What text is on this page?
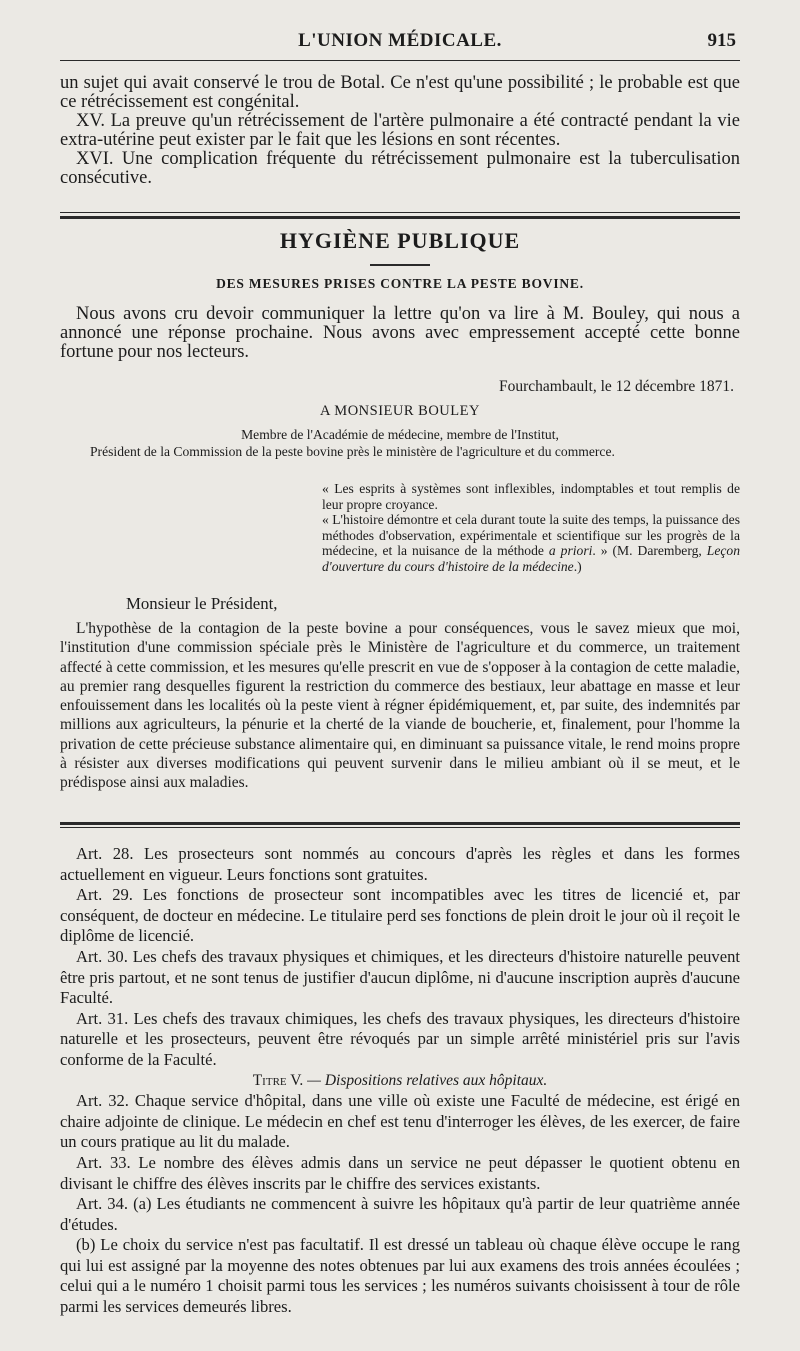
L'UNION MÉDICALE.	915

un sujet qui avait conservé le trou de Botal. Ce n'est qu'une possibilité ; le probable est que ce rétrécissement est congénital.

XV. La preuve qu'un rétrécissement de l'artère pulmonaire a été contracté pendant la vie extra-utérine peut exister par le fait que les lésions en sont récentes.

XVI. Une complication fréquente du rétrécissement pulmonaire est la tuberculisation consécutive.

HYGIÈNE PUBLIQUE
DES MESURES PRISES CONTRE LA PESTE BOVINE.
Nous avons cru devoir communiquer la lettre qu'on va lire à M. Bouley, qui nous a annoncé une réponse prochaine. Nous avons avec empressement accepté cette bonne fortune pour nos lecteurs.
Fourchambault, le 12 décembre 1871.
A MONSIEUR BOULEY
Membre de l'Académie de médecine, membre de l'Institut,
Président de la Commission de la peste bovine près le ministère de l'agriculture et du commerce.

« Les esprits à systèmes sont inflexibles, indomptables et tout remplis de leur propre croyance.

« L'histoire démontre et cela durant toute la suite des temps, la puissance des méthodes d'observation, expérimentale et scientifique sur les progrès de la médecine, et la nuisance de la méthode a priori. » (M. Daremberg, Leçon d'ouverture du cours d'histoire de la médecine.)

Monsieur le Président,
L'hypothèse de la contagion de la peste bovine a pour conséquences, vous le savez mieux que moi, l'institution d'une commission spéciale près le Ministère de l'agriculture et du commerce, un traitement affecté à cette commission, et les mesures qu'elle prescrit en vue de s'opposer à la contagion de cette maladie, au premier rang desquelles figurent la restriction du commerce des bestiaux, leur abattage en masse et leur enfouissement dans les localités où la peste vient à régner épidémiquement, et, par suite, des indemnités par millions aux agriculteurs, la pénurie et la cherté de la viande de boucherie, et, finalement, pour l'homme la privation de cette précieuse substance alimentaire qui, en diminuant sa puissance vitale, le rend moins propre à résister aux diverses modifications qui peuvent survenir dans le milieu ambiant où il se meut, et le prédispose ainsi aux maladies.

Art. 28. Les prosecteurs sont nommés au concours d'après les règles et dans les formes actuellement en vigueur. Leurs fonctions sont gratuites.

Art. 29. Les fonctions de prosecteur sont incompatibles avec les titres de licencié et, par conséquent, de docteur en médecine. Le titulaire perd ses fonctions de plein droit le jour où il reçoit le diplôme de licencié.

Art. 30. Les chefs des travaux physiques et chimiques, et les directeurs d'histoire naturelle peuvent être pris partout, et ne sont tenus de justifier d'aucun diplôme, ni d'aucune inscription auprès d'aucune Faculté.

Art. 31. Les chefs des travaux chimiques, les chefs des travaux physiques, les directeurs d'histoire naturelle et les prosecteurs, peuvent être révoqués par un simple arrêté ministériel pris sur l'avis conforme de la Faculté.

Titre V. — Dispositions relatives aux hôpitaux.

Art. 32. Chaque service d'hôpital, dans une ville où existe une Faculté de médecine, est érigé en chaire adjointe de clinique. Le médecin en chef est tenu d'interroger les élèves, de les exercer, de faire un cours pratique au lit du malade.

Art. 33. Le nombre des élèves admis dans un service ne peut dépasser le quotient obtenu en divisant le chiffre des élèves inscrits par le chiffre des services existants.

Art. 34. (a) Les étudiants ne commencent à suivre les hôpitaux qu'à partir de leur quatrième année d'études.

(b) Le choix du service n'est pas facultatif. Il est dressé un tableau où chaque élève occupe le rang qui lui est assigné par la moyenne des notes obtenues par lui aux examens des trois années écoulées ; celui qui a le numéro 1 choisit parmi tous les services ; les numéros suivants choisissent à tour de rôle parmi les services demeurés libres.
